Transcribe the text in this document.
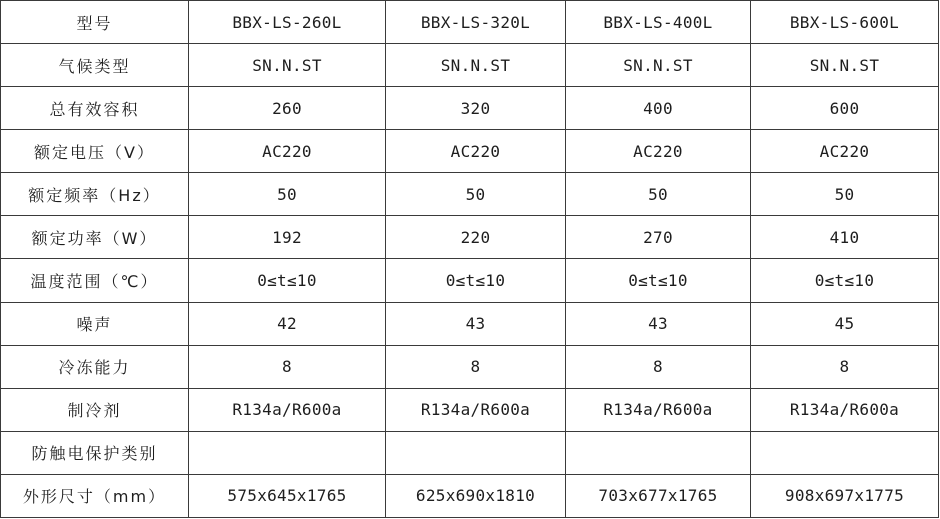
型号	BBX-LS-260L	BBX-LS-320L	BBX-LS-400L	BBX-LS-600L
气候类型	SN.N.ST	SN.N.ST	SN.N.ST	SN.N.ST
总有效容积	260	320	400	600
额定电压（V）	AC220	AC220	AC220	AC220
额定频率（Hz）	50	50	50	50
额定功率（W）	192	220	270	410
温度范围（℃）	0≤t≤10	0≤t≤10	0≤t≤10	0≤t≤10
噪声	42	43	43	45
冷冻能力	8	8	8	8
制冷剂	R134a/R600a	R134a/R600a	R134a/R600a	R134a/R600a
防触电保护类别				
外形尺寸（mm）	575x645x1765	625x690x1810	703x677x1765	908x697x1775
